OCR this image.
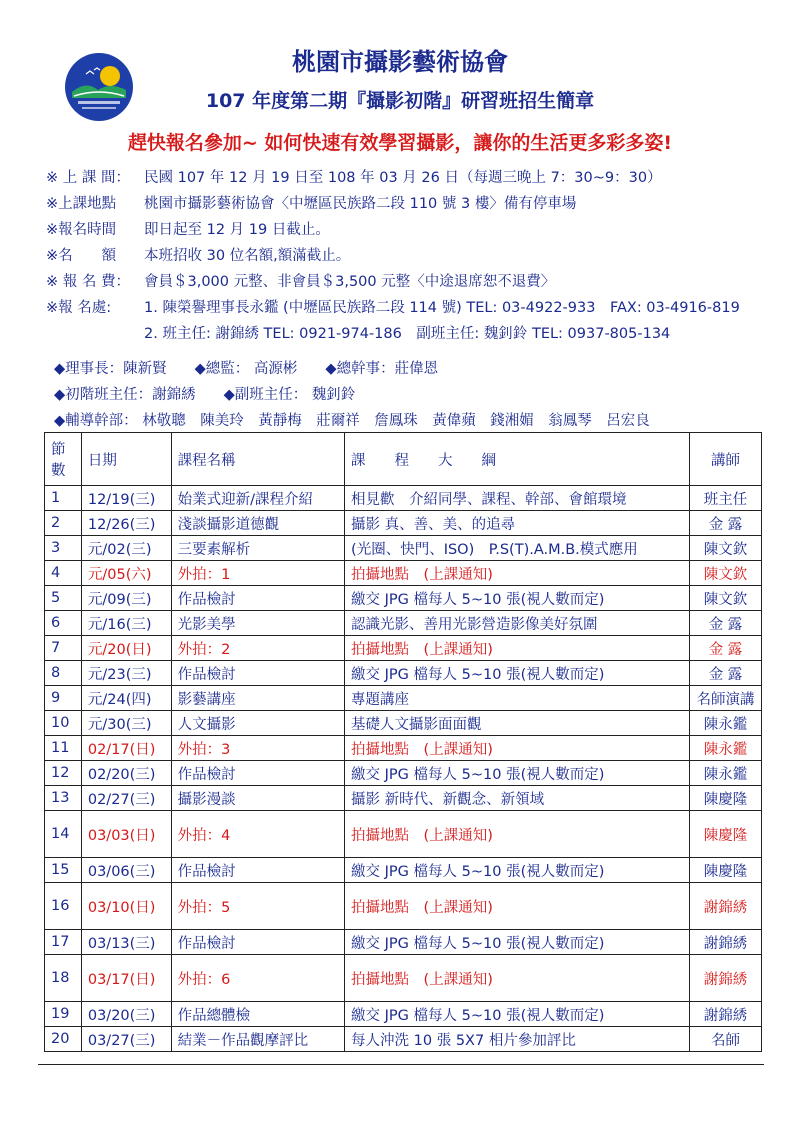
桃園市攝影藝術協會
107 年度第二期『攝影初階』研習班招生簡章
趕快報名參加~ 如何快速有效學習攝影，讓你的生活更多彩多姿!
※ 上 課 間： 民國 107 年 12 月 19 日至 108 年 03 月 26 日（每週三晚上 7：30~9：30）
※上課地點 桃園市攝影藝術協會〈中壢區民族路二段 110 號 3 樓〉備有停車場
※報名時間 即日起至 12 月 19 日截止。
※名　　額 本班招收 30 位名額,額滿截止。
※ 報 名 費： 會員＄3,000 元整、非會員＄3,500 元整〈中途退席恕不退費〉
※報 名處: 1. 陳榮譽理事長永鑑 (中壢區民族路二段 114 號) TEL: 03-4922-933　FAX: 03-4916-819
2. 班主任: 謝錦綉 TEL: 0921-974-186　副班主任: 魏釗鈴 TEL: 0937-805-134
◆理事長：陳新賢 ◆總監： 高源彬 ◆總幹事：莊偉恩
◆初階班主任：謝錦綉 ◆副班主任： 魏釗鈴
◆輔導幹部： 林敬聰　陳美玲　黃靜梅　莊爾祥　詹鳳珠　黃偉蘋　錢湘媚　翁鳳琴　呂宏良
節數	日期	課程名稱	課　　程　　大　　綱	講師
1	12/19(三)	始業式迎新/課程介紹	相見歡　介紹同學、課程、幹部、會館環境	班主任
2	12/26(三)	淺談攝影道德觀	攝影 真、善、美、的追尋	金 露
3	元/02(三)	三要素解析	(光圈、快門、ISO)　P.S(T).A.M.B.模式應用	陳文欽
4	元/05(六)	外拍：1	拍攝地點　(上課通知)	陳文欽
5	元/09(三)	作品檢討	繳交 JPG 檔每人 5~10 張(視人數而定)	陳文欽
6	元/16(三)	光影美學	認識光影、善用光影營造影像美好氛圍	金 露
7	元/20(日)	外拍：2	拍攝地點　(上課通知)	金 露
8	元/23(三)	作品檢討	繳交 JPG 檔每人 5~10 張(視人數而定)	金 露
9	元/24(四)	影藝講座	專題講座	名師演講
10	元/30(三)	人文攝影	基礎人文攝影面面觀	陳永鑑
11	02/17(日)	外拍：3	拍攝地點　(上課通知)	陳永鑑
12	02/20(三)	作品檢討	繳交 JPG 檔每人 5~10 張(視人數而定)	陳永鑑
13	02/27(三)	攝影漫談	攝影 新時代、新觀念、新領域	陳慶隆
14	03/03(日)	外拍：4	拍攝地點　(上課通知)	陳慶隆
15	03/06(三)	作品檢討	繳交 JPG 檔每人 5~10 張(視人數而定)	陳慶隆
16	03/10(日)	外拍：5	拍攝地點　(上課通知)	謝錦綉
17	03/13(三)	作品檢討	繳交 JPG 檔每人 5~10 張(視人數而定)	謝錦綉
18	03/17(日)	外拍：6	拍攝地點　(上課通知)	謝錦綉
19	03/20(三)	作品總體檢	繳交 JPG 檔每人 5~10 張(視人數而定)	謝錦綉
20	03/27(三)	結業－作品觀摩評比	每人沖洗 10 張 5X7 相片參加評比	名師
